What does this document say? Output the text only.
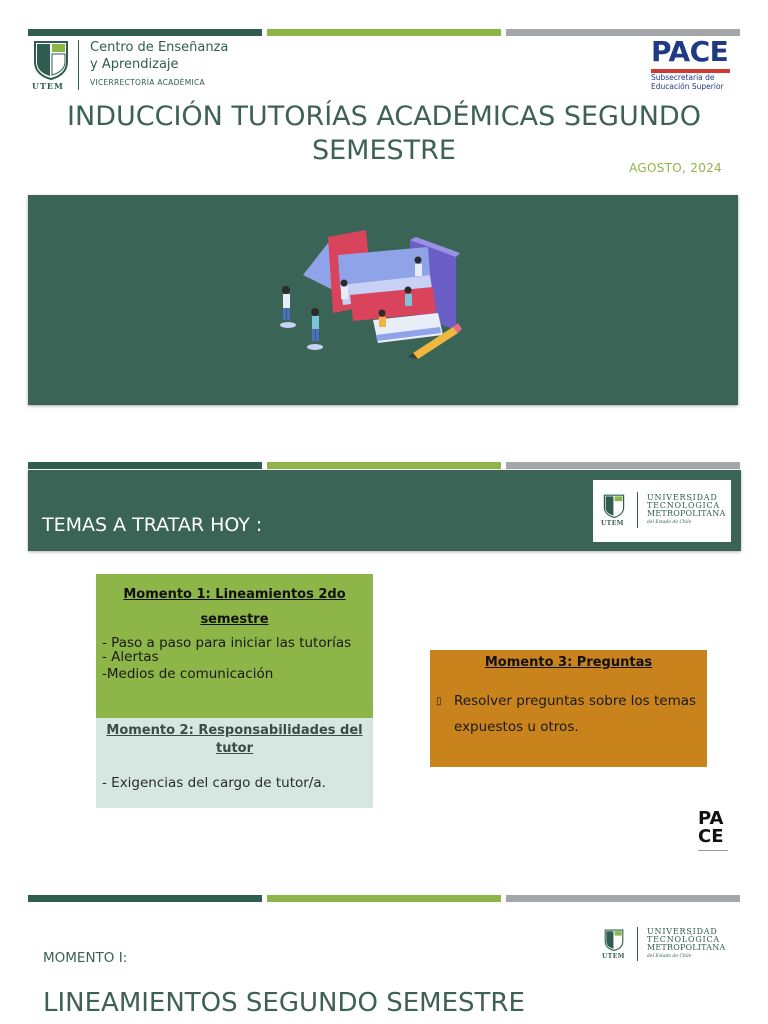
UTEM
Centro de Enseñanza
y Aprendizaje
VICERRECTORÍA ACADÉMICA
PACE
Subsecretaría de
Educación Superior
INDUCCIÓN TUTORÍAS ACADÉMICAS SEGUNDO SEMESTRE
AGOSTO, 2024
TEMAS A TRATAR HOY :	UTEM
UNIVERSIDAD
TECNOLÓGICA
METROPOLITANA
del Estado de Chile
Momento 1: Lineamientos 2do semestre
- Paso a paso para iniciar las tutorías
- Alertas
-Medios de comunicación
Momento 2: Responsabilidades del tutor
- Exigencias del cargo de tutor/a.
Momento 3: Preguntas
▯ Resolver preguntas sobre los temas expuestos u otros.
PA
CE
UTEM
UNIVERSIDAD
TECNOLÓGICA
METROPOLITANA
del Estado de Chile
MOMENTO I:
LINEAMIENTOS SEGUNDO SEMESTRE
